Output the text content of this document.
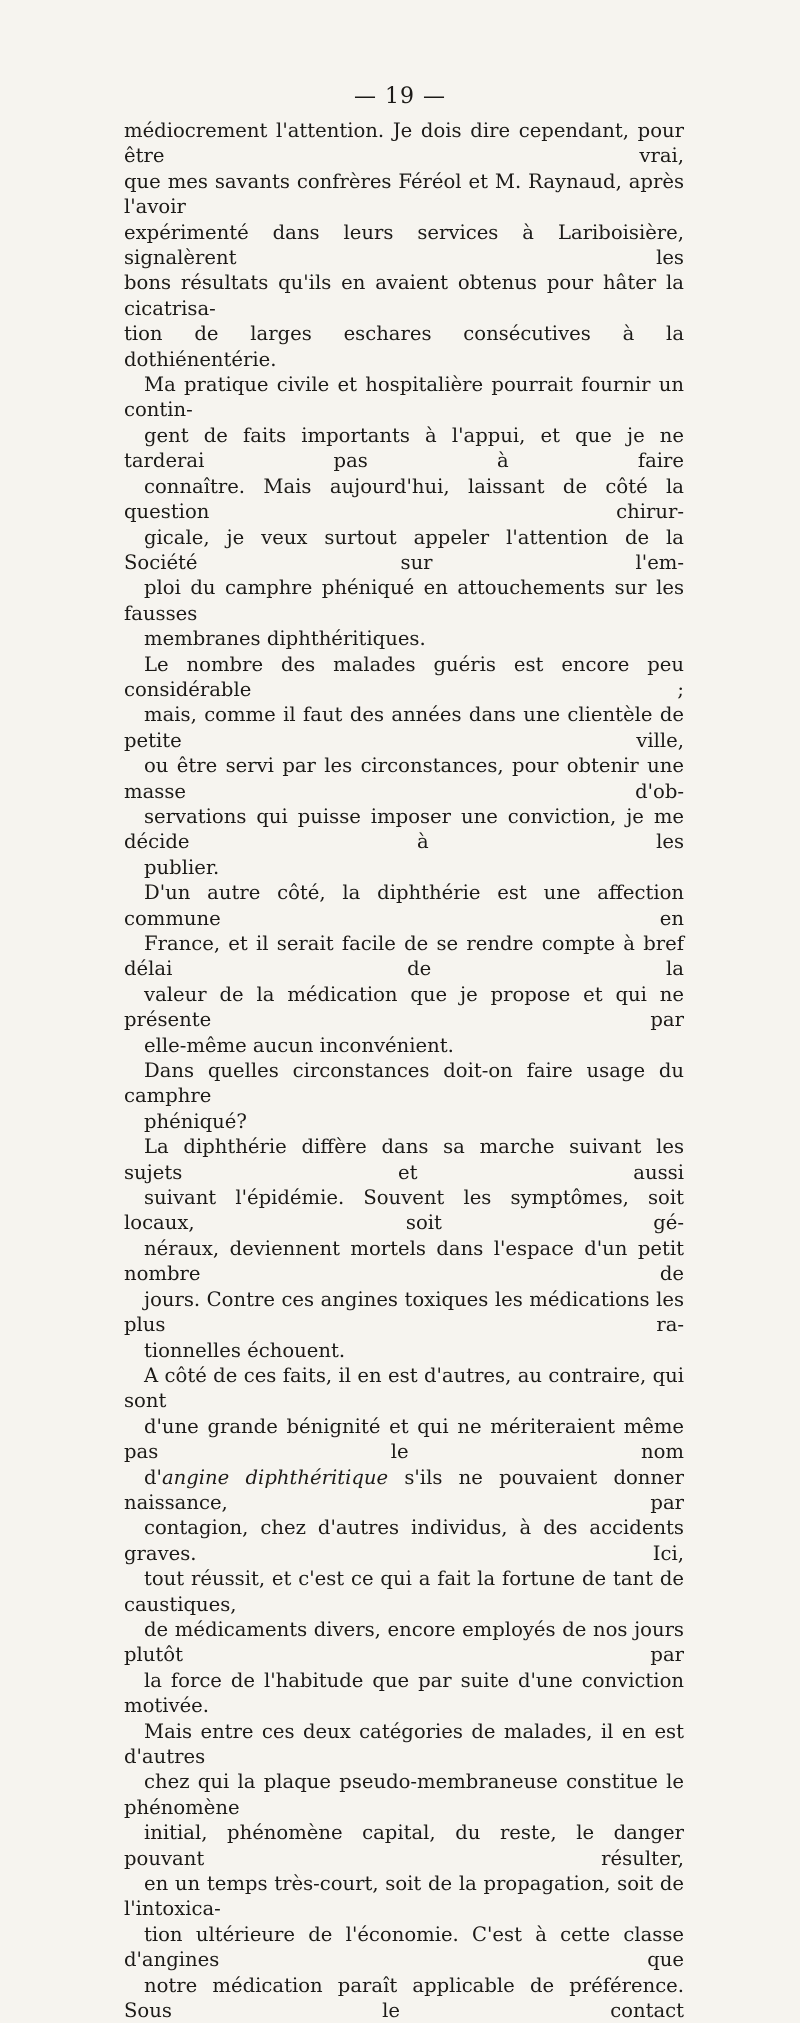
— 19 —

médiocrement l'attention. Je dois dire cependant, pour être vrai,
que mes savants confrères Féréol et M. Raynaud, après l'avoir
expérimenté dans leurs services à Lariboisière, signalèrent les
bons résultats qu'ils en avaient obtenus pour hâter la cicatrisa-
tion de larges eschares consécutives à la dothiénentérie.

Ma pratique civile et hospitalière pourrait fournir un contin-
gent de faits importants à l'appui, et que je ne tarderai pas à faire
connaître. Mais aujourd'hui, laissant de côté la question chirur-
gicale, je veux surtout appeler l'attention de la Société sur l'em-
ploi du camphre phéniqué en attouchements sur les fausses
membranes diphthéritiques.

Le nombre des malades guéris est encore peu considérable ;
mais, comme il faut des années dans une clientèle de petite ville,
ou être servi par les circonstances, pour obtenir une masse d'ob-
servations qui puisse imposer une conviction, je me décide à les
publier.

D'un autre côté, la diphthérie est une affection commune en
France, et il serait facile de se rendre compte à bref délai de la
valeur de la médication que je propose et qui ne présente par
elle-même aucun inconvénient.

Dans quelles circonstances doit-on faire usage du camphre
phéniqué?

La diphthérie diffère dans sa marche suivant les sujets et aussi
suivant l'épidémie. Souvent les symptômes, soit locaux, soit gé-
néraux, deviennent mortels dans l'espace d'un petit nombre de
jours. Contre ces angines toxiques les médications les plus ra-
tionnelles échouent.

A côté de ces faits, il en est d'autres, au contraire, qui sont
d'une grande bénignité et qui ne mériteraient même pas le nom
d'angine diphthéritique s'ils ne pouvaient donner naissance, par
contagion, chez d'autres individus, à des accidents graves. Ici,
tout réussit, et c'est ce qui a fait la fortune de tant de caustiques,
de médicaments divers, encore employés de nos jours plutôt par
la force de l'habitude que par suite d'une conviction motivée.

Mais entre ces deux catégories de malades, il en est d'autres
chez qui la plaque pseudo-membraneuse constitue le phénomène
initial, phénomène capital, du reste, le danger pouvant résulter,
en un temps très-court, soit de la propagation, soit de l'intoxica-
tion ultérieure de l'économie. C'est à cette classe d'angines que
notre médication paraît applicable de préférence. Sous le contact
